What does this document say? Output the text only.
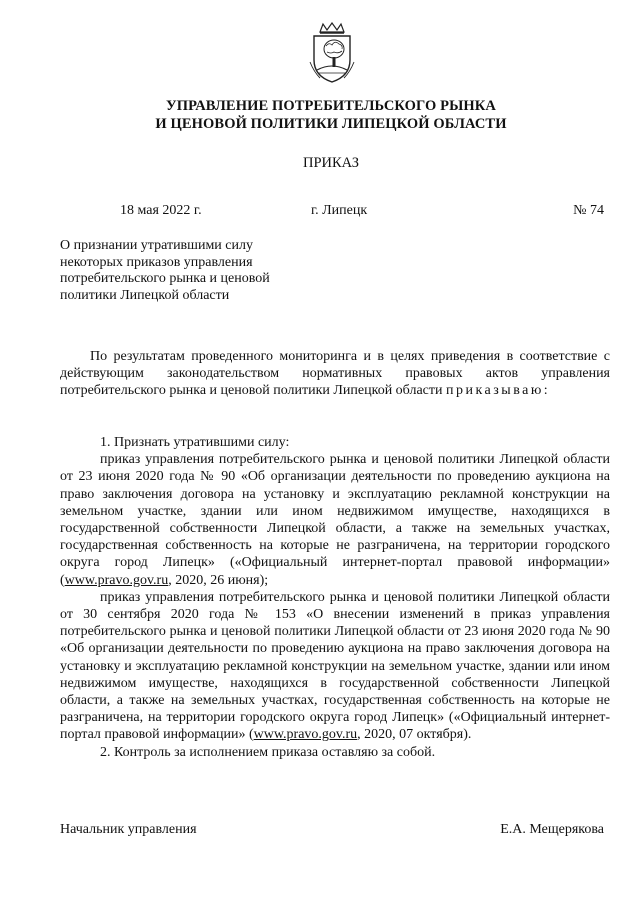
УПРАВЛЕНИЕ ПОТРЕБИТЕЛЬСКОГО РЫНКА
И ЦЕНОВОЙ ПОЛИТИКИ ЛИПЕЦКОЙ ОБЛАСТИ
ПРИКАЗ
18 мая 2022 г.	г. Липецк	№ 74
О признании утратившими силу
некоторых приказов управления
потребительского рынка и ценовой
политики Липецкой области

По результатам проведенного мониторинга и в целях приведения в соответствие с действующим законодательством нормативных правовых актов управления потребительского рынка и ценовой политики Липецкой области приказываю:

1. Признать утратившими силу:

приказ управления потребительского рынка и ценовой политики Липецкой области от 23 июня 2020 года № 90 «Об организации деятельности по проведению аукциона на право заключения договора на установку и эксплуатацию рекламной конструкции на земельном участке, здании или ином недвижимом имуществе, находящихся в государственной собственности Липецкой области, а также на земельных участках, государственная собственность на которые не разграничена, на территории городского округа город Липецк» («Официальный интернет-портал правовой информации» (www.pravo.gov.ru, 2020, 26 июня);

приказ управления потребительского рынка и ценовой политики Липецкой области от 30 сентября 2020 года № 153 «О внесении изменений в приказ управления потребительского рынка и ценовой политики Липецкой области от 23 июня 2020 года № 90 «Об организации деятельности по проведению аукциона на право заключения договора на установку и эксплуатацию рекламной конструкции на земельном участке, здании или ином недвижимом имуществе, находящихся в государственной собственности Липецкой области, а также на земельных участках, государственная собственность на которые не разграничена, на территории городского округа город Липецк» («Официальный интернет-портал правовой информации» (www.pravo.gov.ru, 2020, 07 октября).

2. Контроль за исполнением приказа оставляю за собой.

Начальник управления	Е.А. Мещерякова
